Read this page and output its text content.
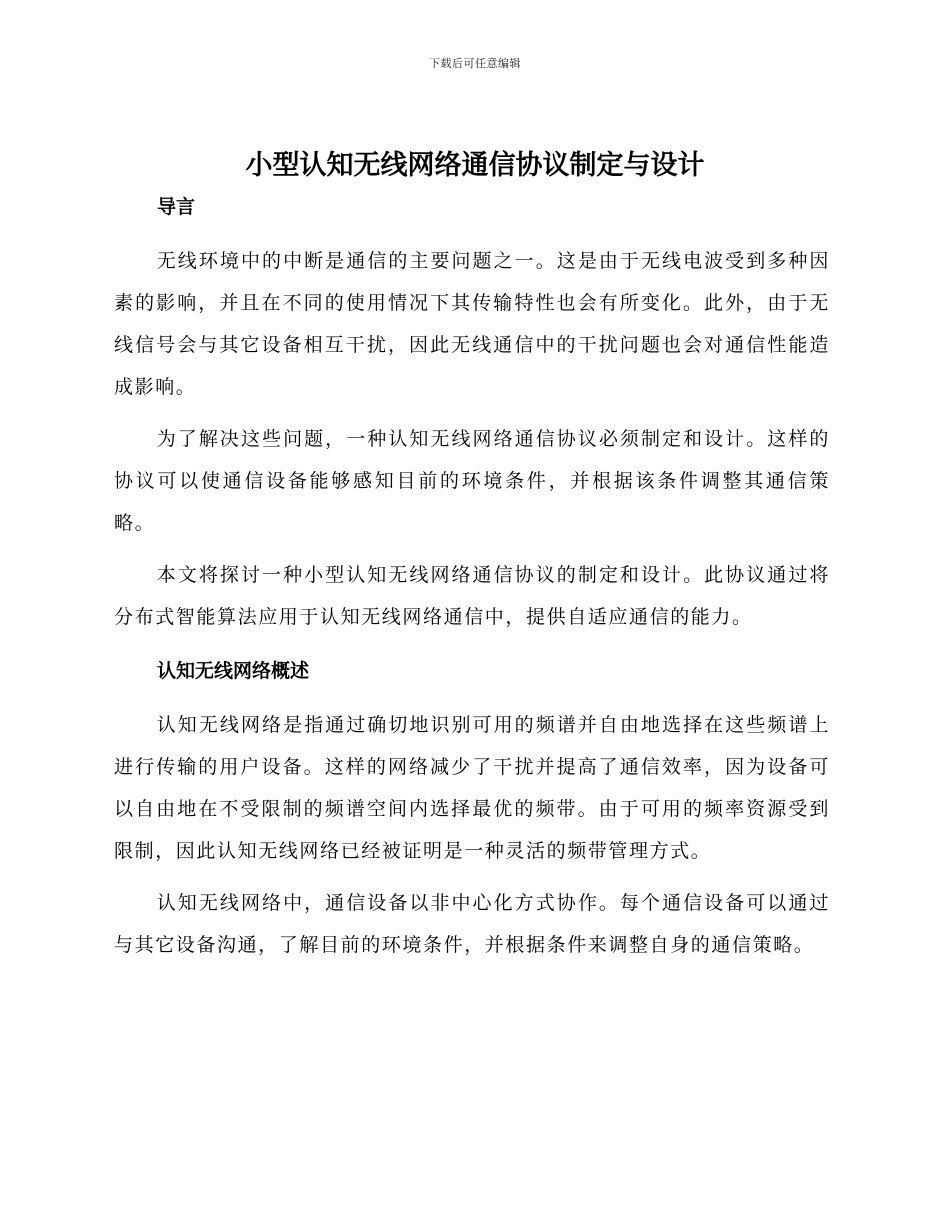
下载后可任意编辑
小型认知无线网络通信协议制定与设计
导言

无线环境中的中断是通信的主要问题之一。这是由于无线电波受到多种因素的影响，并且在不同的使用情况下其传输特性也会有所变化。此外，由于无线信号会与其它设备相互干扰，因此无线通信中的干扰问题也会对通信性能造成影响。

为了解决这些问题，一种认知无线网络通信协议必须制定和设计。这样的协议可以使通信设备能够感知目前的环境条件，并根据该条件调整其通信策略。

本文将探讨一种小型认知无线网络通信协议的制定和设计。此协议通过将分布式智能算法应用于认知无线网络通信中，提供自适应通信的能力。

认知无线网络概述

认知无线网络是指通过确切地识别可用的频谱并自由地选择在这些频谱上进行传输的用户设备。这样的网络减少了干扰并提高了通信效率，因为设备可以自由地在不受限制的频谱空间内选择最优的频带。由于可用的频率资源受到限制，因此认知无线网络已经被证明是一种灵活的频带管理方式。

认知无线网络中，通信设备以非中心化方式协作。每个通信设备可以通过与其它设备沟通，了解目前的环境条件，并根据条件来调整自身的通信策略。
